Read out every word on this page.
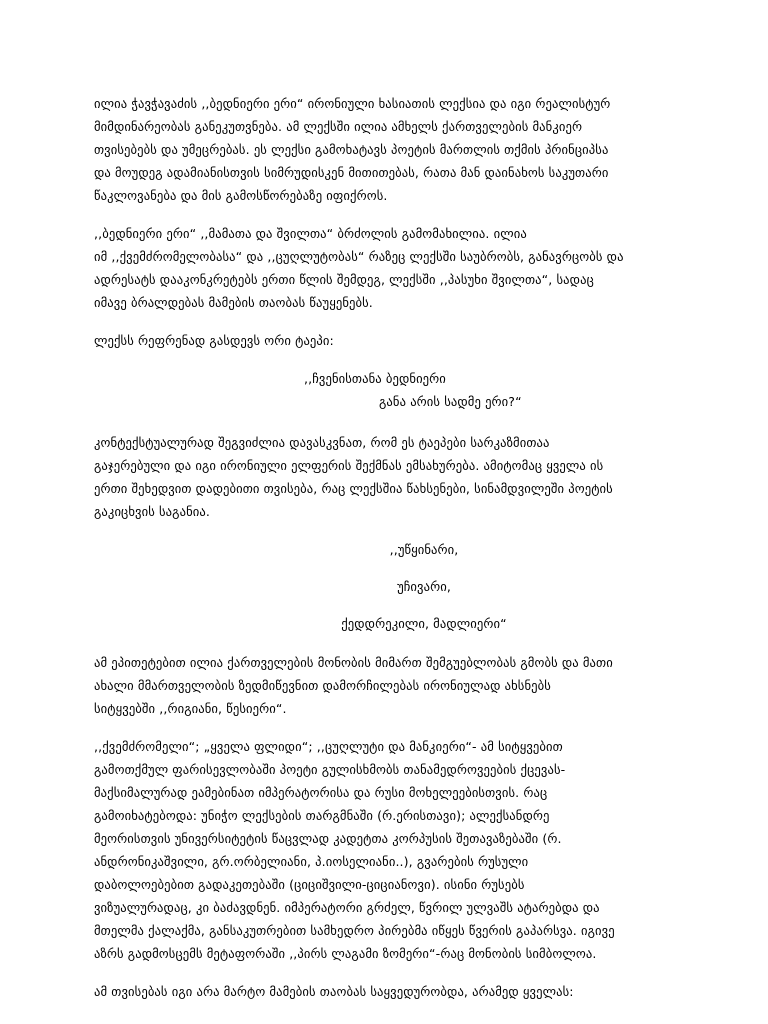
ილია ჭავჭავაძის ,,ბედნიერი ერი“ ირონიული ხასიათის ლექსია და იგი რეალისტურ
მიმდინარეობას განეკუთვნება. ამ ლექსში ილია ამხელს ქართველების მანკიერ
თვისებებს და უმეცრებას. ეს ლექსი გამოხატავს პოეტის მართლის თქმის პრინციპსა
და მოუდეგ ადამიანისთვის სიმრუდისკენ მითითებას, რათა მან დაინახოს საკუთარი
წაკლოვანება და მის გამოსწორებაზე იფიქროს.

,,ბედნიერი ერი“ ,,მამათა და შვილთა“ ბრძოლის გამომახილია. ილია
იმ ,,ქვემძრომელობასა“ და ,,ცუღლუტობას“ რაზეც ლექსში საუბრობს, განავრცობს და
ადრესატს დააკონკრეტებს ერთი წლის შემდეგ, ლექსში ,,პასუხი შვილთა“, სადაც
იმავე ბრალდებას მამების თაობას წაუყენებს.

ლექსს რეფრენად გასდევს ორი ტაეპი:

,,ჩვენისთანა ბედნიერი
განა არის სადმე ერი?“

კონტექსტუალურად შეგვიძლია დავასკვნათ, რომ ეს ტაეპები სარკაზმითაა
გაჯერებული და იგი ირონიული ელფერის შექმნას ემსახურება. ამიტომაც ყველა ის
ერთი შეხედვით დადებითი თვისება, რაც ლექსშია წახსენები, სინამდვილეში პოეტის
გაკიცხვის საგანია.

,,უწყინარი,
უჩივარი,
ქედდრეკილი, მადლიერი“

ამ ეპითეტებით ილია ქართველების მონობის მიმართ შემგუებლობას გმობს და მათი
ახალი მმართველობის ზედმიწევნით დამორჩილებას ირონიულად ახსნებს
სიტყვებში ,,რიგიანი, წესიერი“.

,,ქვემძრომელი“; „ყველა ფლიდი“; ,,ცუღლუტი და მანკიერი“- ამ სიტყვებით
გამოთქმულ ფარისევლობაში პოეტი გულისხმობს თანამედროვეების ქცევას-
მაქსიმალურად ეამებინათ იმპერატორისა და რუსი მოხელეებისთვის. რაც
გამოიხატებოდა: უნიჭო ლექსების თარგმნაში (რ.ერისთავი); ალექსანდრე
მეორისთვის უნივერსიტეტის წაცვლად კადეტთა კორპუსის შეთავაზებაში (რ.
ანდრონიკაშვილი, გრ.ორბელიანი, პ.იოსელიანი..), გვარების რუსული
დაბოლოებებით გადაკეთებაში (ციციშვილი-ციციანოვი). ისინი რუსებს
ვიზუალურადაც, კი ბაძავდნენ. იმპერატორი გრძელ, წვრილ ულვაშს ატარებდა და
მთელმა ქალაქმა, განსაკუთრებით სამხედრო პირებმა იწყეს წვერის გაპარსვა. იგივე
აზრს გადმოსცემს მეტაფორაში ,,პირს ლაგამი ზომერი“-რაც მონობის სიმბოლოა.

ამ თვისებას იგი არა მარტო მამების თაობას საყვედურობდა, არამედ ყველას:
